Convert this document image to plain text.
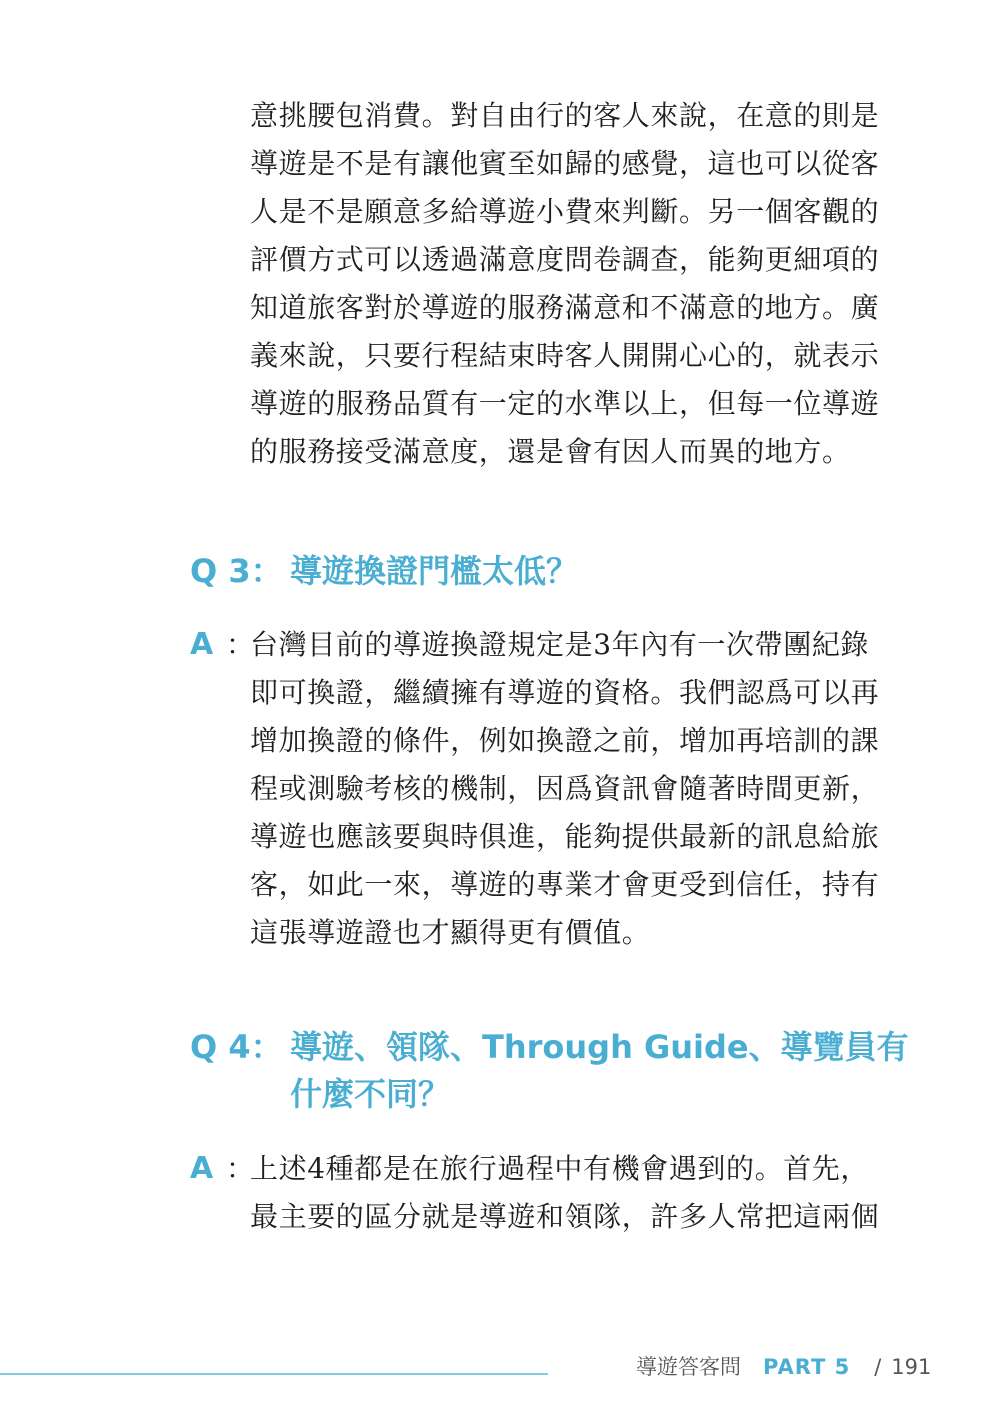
意挑腰包消費。對自由行的客人來說，在意的則是

導遊是不是有讓他賓至如歸的感覺，這也可以從客

人是不是願意多給導遊小費來判斷。另一個客觀的

評價方式可以透過滿意度問卷調查，能夠更細項的

知道旅客對於導遊的服務滿意和不滿意的地方。廣

義來說，只要行程結束時客人開開心心的，就表示

導遊的服務品質有一定的水準以上，但每一位導遊

的服務接受滿意度，還是會有因人而異的地方。

Q 3： 導遊換證門檻太低？
A ：

台灣目前的導遊換證規定是3年內有一次帶團紀錄

即可換證，繼續擁有導遊的資格。我們認爲可以再

增加換證的條件，例如換證之前，增加再培訓的課

程或測驗考核的機制，因爲資訊會隨著時間更新，

導遊也應該要與時俱進，能夠提供最新的訊息給旅

客，如此一來，導遊的專業才會更受到信任，持有

這張導遊證也才顯得更有價值。

Q 4： 導遊、領隊、Through Guide、導覽員有
什麼不同？
A ：

上述4種都是在旅行過程中有機會遇到的。首先，

最主要的區分就是導遊和領隊，許多人常把這兩個

導遊答客問 PART 5 / 191
